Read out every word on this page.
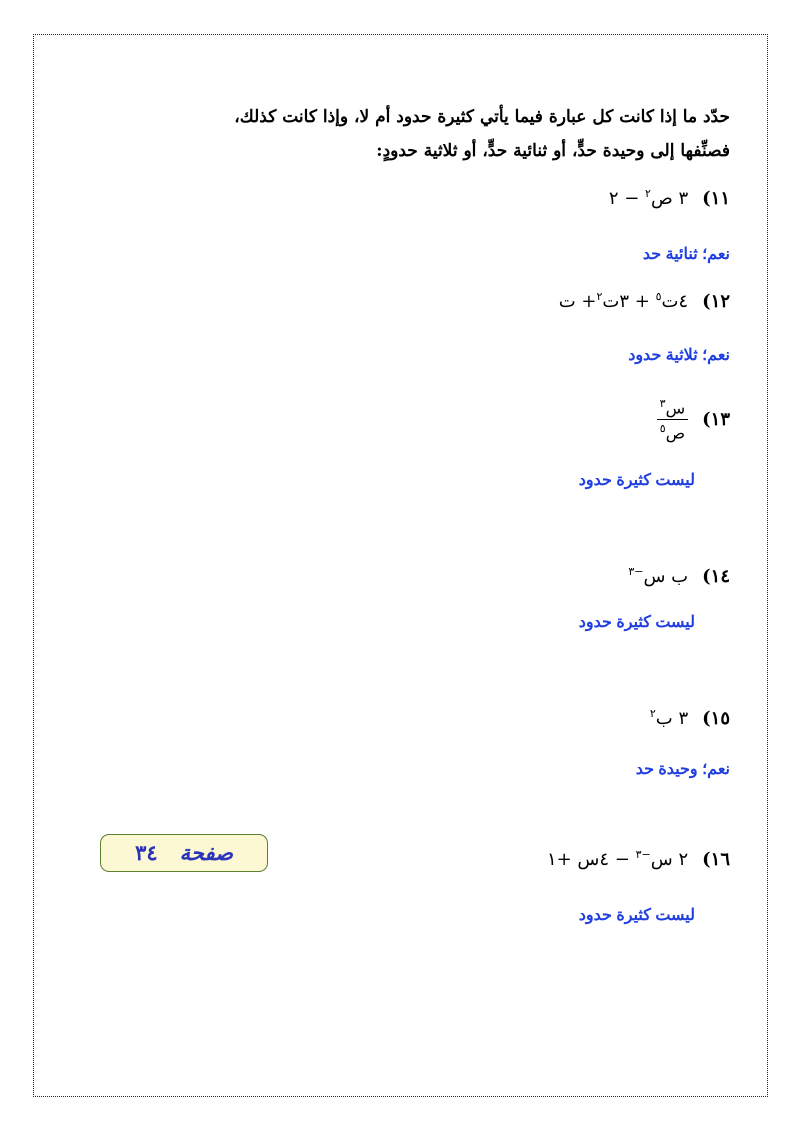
حدّد ما إذا كانت كل عبارة فيما يأتي كثيرة حدود أم لا، وإذا كانت كذلك، فصنِّفها إلى وحيدة حدٍّ، أو ثنائية حدٍّ، أو ثلاثية حدودٍ:
١١)٣ ص$^٢$ − ٢
نعم؛ ثنائية حد
١٢)٤ت$^٥$ + ٣ت$^٢$+ ت
نعم؛ ثلاثية حدود
١٣)
$\frac{س^٣}{ص^٥}$
ليست كثيرة حدود
١٤)ب س$^{-٣}$
ليست كثيرة حدود
١٥)٣ ب$^٢$
نعم؛ وحيدة حد
١٦)٢ س$^{-٣}$ − ٤س +١
ليست كثيرة حدود
صفحة٣٤
